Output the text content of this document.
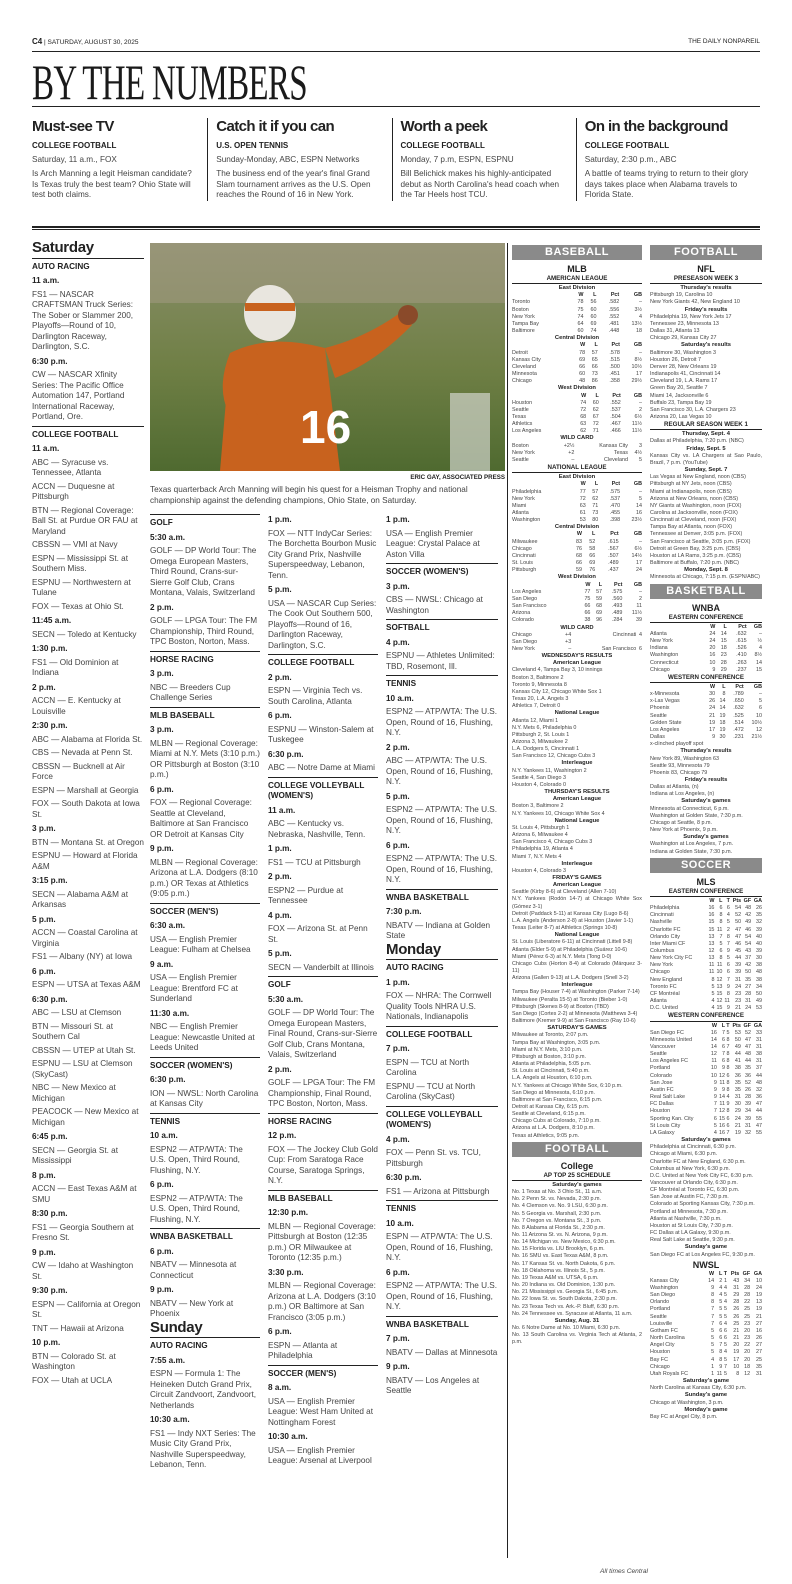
C4 | SATURDAY, AUGUST 30, 2025	THE DAILY NONPAREIL
BY THE NUMBERS
Must-see TV
COLLEGE FOOTBALL
Saturday, 11 a.m., FOX
Is Arch Manning a legit Heisman candidate? Is Texas truly the best team? Ohio State will test both claims.
Catch it if you can
U.S. OPEN TENNIS
Sunday-Monday, ABC, ESPN Networks
The business end of the year's final Grand Slam tournament arrives as the U.S. Open reaches the Round of 16 in New York.
Worth a peek
COLLEGE FOOTBALL
Monday, 7 p.m, ESPN, ESPNU
Bill Belichick makes his highly-anticipated debut as North Carolina's head coach when the Tar Heels host TCU.
On in the background
COLLEGE FOOTBALL
Saturday, 2:30 p.m., ABC
A battle of teams trying to return to their glory days takes place when Alabama travels to Florida State.
Saturday
AUTO RACING
11 a.m.
FS1 — NASCAR CRAFTSMAN Truck Series: The Sober or Slammer 200, Playoffs—Round of 10, Darlington Raceway, Darlington, S.C.
6:30 p.m.
CW — NASCAR Xfinity Series: The Pacific Office Automation 147, Portland International Raceway, Portland, Ore.
COLLEGE FOOTBALL
11 a.m.
ABC — Syracuse vs. Tennessee, Atlanta
ACCN — Duquesne at Pittsburgh
BTN — Regional Coverage: Ball St. at Purdue OR FAU at Maryland
CBSSN — VMI at Navy
ESPN — Mississippi St. at Southern Miss.
ESPNU — Northwestern at Tulane
FOX — Texas at Ohio St.
11:45 a.m.
SECN — Toledo at Kentucky
1:30 p.m.
FS1 — Old Dominion at Indiana
2 p.m.
ACCN — E. Kentucky at Louisville
2:30 p.m.
ABC — Alabama at Florida St.
CBS — Nevada at Penn St.
CBSSN — Bucknell at Air Force
ESPN — Marshall at Georgia
FOX — South Dakota at Iowa St.
3 p.m.
BTN — Montana St. at Oregon
ESPNU — Howard at Florida A&M
3:15 p.m.
SECN — Alabama A&M at Arkansas
5 p.m.
ACCN — Coastal Carolina at Virginia
FS1 — Albany (NY) at Iowa
6 p.m.
ESPN — UTSA at Texas A&M
6:30 p.m.
ABC — LSU at Clemson
BTN — Missouri St. at Southern Cal
CBSSN — UTEP at Utah St.
ESPNU — LSU at Clemson (SkyCast)
NBC — New Mexico at Michigan
PEACOCK — New Mexico at Michigan
6:45 p.m.
SECN — Georgia St. at Mississippi
8 p.m.
ACCN — East Texas A&M at SMU
8:30 p.m.
FS1 — Georgia Southern at Fresno St.
9 p.m.
CW — Idaho at Washington St.
9:30 p.m.
ESPN — California at Oregon St.
TNT — Hawaii at Arizona
10 p.m.
BTN — Colorado St. at Washington
FOX — Utah at UCLA
GOLF
5:30 a.m.
GOLF — DP World Tour: The Omega European Masters, Third Round, Crans-sur-Sierre Golf Club, Crans Montana, Valais, Switzerland
2 p.m.
GOLF — LPGA Tour: The FM Championship, Third Round, TPC Boston, Norton, Mass.
HORSE RACING
3 p.m.
NBC — Breeders Cup Challenge Series
MLB BASEBALL
3 p.m.
MLBN — Regional Coverage: Miami at N.Y. Mets (3:10 p.m.) OR Pittsburgh at Boston (3:10 p.m.)
6 p.m.
FOX — Regional Coverage: Seattle at Cleveland, Baltimore at San Francisco OR Detroit at Kansas City
9 p.m.
MLBN — Regional Coverage: Arizona at L.A. Dodgers (8:10 p.m.) OR Texas at Athletics (9:05 p.m.)
SOCCER (MEN'S)
6:30 a.m.
USA — English Premier League: Fulham at Chelsea
9 a.m.
USA — English Premier League: Brentford FC at Sunderland
11:30 a.m.
NBC — English Premier League: Newcastle United at Leeds United
SOCCER (WOMEN'S)
6:30 p.m.
ION — NWSL: North Carolina at Kansas City
TENNIS
10 a.m.
ESPN2 — ATP/WTA: The U.S. Open, Third Round, Flushing, N.Y.
6 p.m.
ESPN2 — ATP/WTA: The U.S. Open, Third Round, Flushing, N.Y.
WNBA BASKETBALL
6 p.m.
NBATV — Minnesota at Connecticut
9 p.m.
NBATV — New York at Phoenix
Sunday
AUTO RACING
7:55 a.m.
ESPN — Formula 1: The Heineken Dutch Grand Prix, Circuit Zandvoort, Zandvoort, Netherlands
10:30 a.m.
FS1 — Indy NXT Series: The Music City Grand Prix, Nashville Superspeedway, Lebanon, Tenn.
1 p.m.
FOX — NTT IndyCar Series: The Borchetta Bourbon Music City Grand Prix, Nashville Superspeedway, Lebanon, Tenn.
5 p.m.
USA — NASCAR Cup Series: The Cook Out Southern 500, Playoffs—Round of 16, Darlington Raceway, Darlington, S.C.
COLLEGE FOOTBALL
2 p.m.
ESPN — Virginia Tech vs. South Carolina, Atlanta
6 p.m.
ESPNU — Winston-Salem at Tuskegee
6:30 p.m.
ABC — Notre Dame at Miami
COLLEGE VOLLEYBALL (WOMEN'S)
11 a.m.
ABC — Kentucky vs. Nebraska, Nashville, Tenn.
1 p.m.
FS1 — TCU at Pittsburgh
2 p.m.
ESPN2 — Purdue at Tennessee
4 p.m.
FOX — Arizona St. at Penn St.
5 p.m.
SECN — Vanderbilt at Illinois
GOLF
5:30 a.m.
GOLF — DP World Tour: The Omega European Masters, Final Round, Crans-sur-Sierre Golf Club, Crans Montana, Valais, Switzerland
2 p.m.
GOLF — LPGA Tour: The FM Championship, Final Round, TPC Boston, Norton, Mass.
HORSE RACING
12 p.m.
FOX — The Jockey Club Gold Cup: From Saratoga Race Course, Saratoga Springs, N.Y.
MLB BASEBALL
12:30 p.m.
MLBN — Regional Coverage: Pittsburgh at Boston (12:35 p.m.) OR Milwaukee at Toronto (12:35 p.m.)
3:30 p.m.
MLBN — Regional Coverage: Arizona at L.A. Dodgers (3:10 p.m.) OR Baltimore at San Francisco (3:05 p.m.)
6 p.m.
ESPN — Atlanta at Philadelphia
SOCCER (MEN'S)
8 a.m.
USA — English Premier League: West Ham United at Nottingham Forest
10:30 a.m.
USA — English Premier League: Arsenal at Liverpool
1 p.m.
USA — English Premier League: Crystal Palace at Aston Villa
SOCCER (WOMEN'S)
3 p.m.
CBS — NWSL: Chicago at Washington
SOFTBALL
4 p.m.
ESPNU — Athletes Unlimited: TBD, Rosemont, Ill.
TENNIS
10 a.m.
ESPN2 — ATP/WTA: The U.S. Open, Round of 16, Flushing, N.Y.
2 p.m.
ABC — ATP/WTA: The U.S. Open, Round of 16, Flushing, N.Y.
5 p.m.
ESPN2 — ATP/WTA: The U.S. Open, Round of 16, Flushing, N.Y.
6 p.m.
ESPN2 — ATP/WTA: The U.S. Open, Round of 16, Flushing, N.Y.
WNBA BASKETBALL
7:30 p.m.
NBATV — Indiana at Golden State
Monday
AUTO RACING
1 p.m.
FOX — NHRA: The Cornwell Quality Tools NHRA U.S. Nationals, Indianapolis
COLLEGE FOOTBALL
7 p.m.
ESPN — TCU at North Carolina
ESPNU — TCU at North Carolina (SkyCast)
COLLEGE VOLLEYBALL (WOMEN'S)
4 p.m.
FOX — Penn St. vs. TCU, Pittsburgh
6:30 p.m.
FS1 — Arizona at Pittsburgh
TENNIS
10 a.m.
ESPN — ATP/WTA: The U.S. Open, Round of 16, Flushing, N.Y.
6 p.m.
ESPN2 — ATP/WTA: The U.S. Open, Round of 16, Flushing, N.Y.
WNBA BASKETBALL
7 p.m.
NBATV — Dallas at Minnesota
9 p.m.
NBATV — Los Angeles at Seattle
16
ERIC GAY, ASSOCIATED PRESS
Texas quarterback Arch Manning will begin his quest for a Heisman Trophy and national championship against the defending champions, Ohio State, on Saturday.
BASEBALL
MLB
AMERICAN LEAGUE
East Division
	W	L	Pct	GB
Toronto	78	56	.582	–
Boston	75	60	.556	3½
New York	74	60	.552	4
Tampa Bay	64	69	.481	13½
Baltimore	60	74	.448	18
Central Division
	W	L	Pct	GB
Detroit	78	57	.578	–
Kansas City	69	65	.515	8½
Cleveland	66	66	.500	10½
Minnesota	60	73	.451	17
Chicago	48	86	.358	29½
West Division
	W	L	Pct	GB
Houston	74	60	.552	–
Seattle	72	62	.537	2
Texas	68	67	.504	6½
Athletics	63	72	.467	11½
Los Angeles	62	71	.466	11½
WILD CARD
Boston	+2½	Kansas City	3
New York	+2	Texas	4½
Seattle	–	Cleveland	5
NATIONAL LEAGUE
East Division
	W	L	Pct	GB
Philadelphia	77	57	.575	–
New York	72	62	.537	5
Miami	63	71	.470	14
Atlanta	61	73	.455	16
Washington	53	80	.398	23½
Central Division
	W	L	Pct	GB
Milwaukee	83	52	.615	–
Chicago	76	58	.567	6½
Cincinnati	68	66	.507	14½
St. Louis	66	69	.489	17
Pittsburgh	59	76	.437	24
West Division
	W	L	Pct	GB
Los Angeles	77	57	.575	–
San Diego	75	59	.560	2
San Francisco	66	68	.493	11
Arizona	66	69	.489	11½
Colorado	38	96	.284	39
WILD CARD
Chicago	+4	Cincinnati	4
San Diego	+3		
New York	–	San Francisco	6
WEDNESDAY'S RESULTS
American League
Cleveland 4, Tampa Bay 3, 10 innings
Boston 3, Baltimore 2
Toronto 9, Minnesota 8
Kansas City 12, Chicago White Sox 1
Texas 20, L.A. Angels 3
Athletics 7, Detroit 0
National League
Atlanta 12, Miami 1
N.Y. Mets 6, Philadelphia 0
Pittsburgh 2, St. Louis 1
Arizona 3, Milwaukee 2
L.A. Dodgers 5, Cincinnati 1
San Francisco 12, Chicago Cubs 3
Interleague
N.Y. Yankees 11, Washington 2
Seattle 4, San Diego 3
Houston 4, Colorado 0
THURSDAY'S RESULTS
American League
Boston 3, Baltimore 2
N.Y. Yankees 10, Chicago White Sox 4
National League
St. Louis 4, Pittsburgh 1
Arizona 6, Milwaukee 4
San Francisco 4, Chicago Cubs 3
Philadelphia 19, Atlanta 4
Miami 7, N.Y. Mets 4
Interleague
Houston 4, Colorado 3
FRIDAY'S GAMES
American League
Seattle (Kirby 8-6) at Cleveland (Allen 7-10)
N.Y. Yankees (Rodón 14-7) at Chicago White Sox (Gómez 3-1)
Detroit (Paddack 5-11) at Kansas City (Lugo 8-6)
L.A. Angels (Anderson 2-8) at Houston (Javier 1-1)
Texas (Leiter 8-7) at Athletics (Springs 10-8)
National League
St. Louis (Liberatore 6-11) at Cincinnati (Littell 9-8)
Atlanta (Elder 5-9) at Philadelphia (Suárez 10-6)
Miami (Pérez 6-3) at N.Y. Mets (Tong 0-0)
Chicago Cubs (Horton 8-4) at Colorado (Márquez 3-11)
Arizona (Gallen 9-13) at L.A. Dodgers (Snell 3-2)
Interleague
Tampa Bay (Houser 7-4) at Washington (Parker 7-14)
Milwaukee (Peralta 15-5) at Toronto (Bieber 1-0)
Pittsburgh (Skenes 8-9) at Boston (TBD)
San Diego (Cortes 2-2) at Minnesota (Matthews 3-4)
Baltimore (Kremer 9-9) at San Francisco (Ray 10-6)
SATURDAY'S GAMES
Milwaukee at Toronto, 2:07 p.m.
Tampa Bay at Washington, 3:05 p.m.
Miami at N.Y. Mets, 3:10 p.m.
Pittsburgh at Boston, 3:10 p.m.
Atlanta at Philadelphia, 5:05 p.m.
St. Louis at Cincinnati, 5:40 p.m.
L.A. Angels at Houston, 6:10 p.m.
N.Y. Yankees at Chicago White Sox, 6:10 p.m.
San Diego at Minnesota, 6:10 p.m.
Baltimore at San Francisco, 6:15 p.m.
Detroit at Kansas City, 6:15 p.m.
Seattle at Cleveland, 6:15 p.m.
Chicago Cubs at Colorado, 7:10 p.m.
Arizona at L.A. Dodgers, 8:10 p.m.
Texas at Athletics, 9:05 p.m.
FOOTBALL
College
AP TOP 25 SCHEDULE
Saturday's games
No. 1 Texas at No. 3 Ohio St., 11 a.m.
No. 2 Penn St. vs. Nevada, 2:30 p.m.
No. 4 Clemson vs. No. 9 LSU, 6:30 p.m.
No. 5 Georgia vs. Marshall, 2:30 p.m.
No. 7 Oregon vs. Montana St., 3 p.m.
No. 8 Alabama at Florida St., 2:30 p.m.
No. 11 Arizona St. vs. N. Arizona, 9 p.m.
No. 14 Michigan vs. New Mexico, 6:30 p.m.
No. 15 Florida vs. LIU Brooklyn, 6 p.m.
No. 16 SMU vs. East Texas A&M, 8 p.m.
No. 17 Kansas St. vs. North Dakota, 6 p.m.
No. 18 Oklahoma vs. Illinois St., 5 p.m.
No. 19 Texas A&M vs. UTSA, 6 p.m.
No. 20 Indiana vs. Old Dominion, 1:30 p.m.
No. 21 Mississippi vs. Georgia St., 6:45 p.m.
No. 22 Iowa St. vs. South Dakota, 2:30 p.m.
No. 23 Texas Tech vs. Ark.-P. Bluff, 6:30 p.m.
No. 24 Tennessee vs. Syracuse at Atlanta, 11 a.m.
Sunday, Aug. 31
No. 6 Notre Dame at No. 10 Miami, 6:30 p.m.
No. 13 South Carolina vs. Virginia Tech at Atlanta, 2 p.m.
FOOTBALL
NFL
PRESEASON WEEK 3
Thursday's results
Pittsburgh 19, Carolina 10
New York Giants 42, New England 10
Friday's results
Philadelphia 19, New York Jets 17
Tennessee 23, Minnesota 13
Dallas 31, Atlanta 13
Chicago 29, Kansas City 27
Saturday's results
Baltimore 30, Washington 3
Houston 26, Detroit 7
Denver 28, New Orleans 19
Indianapolis 41, Cincinnati 14
Cleveland 19, L.A. Rams 17
Green Bay 20, Seattle 7
Miami 14, Jacksonville 6
Buffalo 23, Tampa Bay 19
San Francisco 30, L.A. Chargers 23
Arizona 20, Las Vegas 10
REGULAR SEASON WEEK 1
Thursday, Sept. 4
Dallas at Philadelphia, 7:20 p.m. (NBC)
Friday, Sept. 5
Kansas City vs. LA Chargers at Sao Paulo, Brazil, 7 p.m. (YouTube)
Sunday, Sept. 7
Las Vegas at New England, noon (CBS)
Pittsburgh at NY Jets, noon (CBS)
Miami at Indianapolis, noon (CBS)
Arizona at New Orleans, noon (CBS)
NY Giants at Washington, noon (FOX)
Carolina at Jacksonville, noon (FOX)
Cincinnati at Cleveland, noon (FOX)
Tampa Bay at Atlanta, noon (FOX)
Tennessee at Denver, 3:05 p.m. (FOX)
San Francisco at Seattle, 3:05 p.m. (FOX)
Detroit at Green Bay, 3:25 p.m. (CBS)
Houston at LA Rams, 3:25 p.m. (CBS)
Baltimore at Buffalo, 7:20 p.m. (NBC)
Monday, Sept. 8
Minnesota at Chicago, 7:15 p.m. (ESPN/ABC)
BASKETBALL
WNBA
EASTERN CONFERENCE
	W	L	Pct	GB
Atlanta	24	14	.632	–
New York	24	15	.615	½
Indiana	20	18	.526	4
Washington	16	23	.410	8½
Connecticut	10	28	.263	14
Chicago	9	29	.237	15
WESTERN CONFERENCE
	W	L	Pct	GB
x-Minnesota	30	8	.789	–
x-Las Vegas	26	14	.650	5
Phoenix	24	14	.632	6
Seattle	21	19	.525	10
Golden State	19	18	.514	10½
Los Angeles	17	19	.472	12
Dallas	9	30	.231	21½
x-clinched playoff spot
Thursday's results
New York 89, Washington 63
Seattle 93, Minnesota 79
Phoenix 83, Chicago 79
Friday's results
Dallas at Atlanta, (n)
Indiana at Los Angeles, (n)
Saturday's games
Minnesota at Connecticut, 6 p.m.
Washington at Golden State, 7:30 p.m.
Chicago at Seattle, 8 p.m.
New York at Phoenix, 9 p.m.
Sunday's games
Washington at Los Angeles, 7 p.m.
Indiana at Golden State, 7:30 p.m.
SOCCER
MLS
EASTERN CONFERENCE
	W	L	T	Pts	GF	GA
Philadelphia	16	6	6	54	48	26
Cincinnati	16	8	4	52	42	35
Nashville	15	8	5	50	49	32
Charlotte FC	15	11	2	47	46	39
Orlando City	13	7	8	47	54	40
Inter Miami CF	13	5	7	46	54	40
Columbus	12	6	9	45	43	39
New York City FC	13	8	5	44	37	30
New York	11	11	6	39	42	38
Chicago	11	10	6	39	50	48
New England	8	12	7	31	35	38
Toronto FC	5	13	9	24	27	34
CF Montréal	5	15	8	23	28	50
Atlanta	4	12	11	23	31	49
D.C. United	4	15	9	21	24	53
WESTERN CONFERENCE
	W	L	T	Pts	GF	GA
San Diego FC	16	7	5	53	52	33
Minnesota United	14	6	8	50	47	31
Vancouver	14	6	7	49	47	31
Seattle	12	7	8	44	48	38
Los Angeles FC	11	6	8	41	44	31
Portland	10	9	8	38	35	37
Colorado	10	12	6	36	36	44
San Jose	9	11	8	35	52	48
Austin FC	9	9	8	35	26	32
Real Salt Lake	9	14	4	31	28	36
FC Dallas	7	11	9	30	39	47
Houston	7	12	8	29	34	44
Sporting Kan. City	6	15	6	24	39	55
St Louis City	5	16	6	21	31	47
LA Galaxy	4	16	7	19	32	55
Saturday's games
Philadelphia at Cincinnati, 6:30 p.m.
Chicago at Miami, 6:30 p.m.
Charlotte FC at New England, 6:30 p.m.
Columbus at New York, 6:30 p.m.
D.C. United at New York City FC, 6:30 p.m.
Vancouver at Orlando City, 6:30 p.m.
CF Montréal at Toronto FC, 6:30 p.m.
San Jose at Austin FC, 7:30 p.m.
Colorado at Sporting Kansas City, 7:30 p.m.
Portland at Minnesota, 7:30 p.m.
Atlanta at Nashville, 7:30 p.m.
Houston at St Louis City, 7:30 p.m.
FC Dallas at LA Galaxy, 9:30 p.m.
Real Salt Lake at Seattle, 9:30 p.m.
Sunday's game
San Diego FC at Los Angeles FC, 9:30 p.m.
NWSL
	W	L	T	Pts	GF	GA
Kansas City	14	2	1	43	34	10
Washington	9	4	4	31	28	24
San Diego	8	4	5	29	28	19
Orlando	8	5	4	28	22	13
Portland	7	5	5	26	25	19
Seattle	7	5	5	26	25	21
Louisville	7	6	4	25	23	27
Gotham FC	5	6	6	21	20	16
North Carolina	5	6	6	21	23	26
Angel City	5	7	5	20	22	27
Houston	5	8	4	19	20	27
Bay FC	4	8	5	17	20	25
Chicago	1	9	7	10	18	35
Utah Royals FC	1	11	5	8	12	31
Saturday's game
North Carolina at Kansas City, 6:30 p.m.
Sunday's game
Chicago at Washington, 3 p.m.
Monday's game
Bay FC at Angel City, 8 p.m.
All times Central
